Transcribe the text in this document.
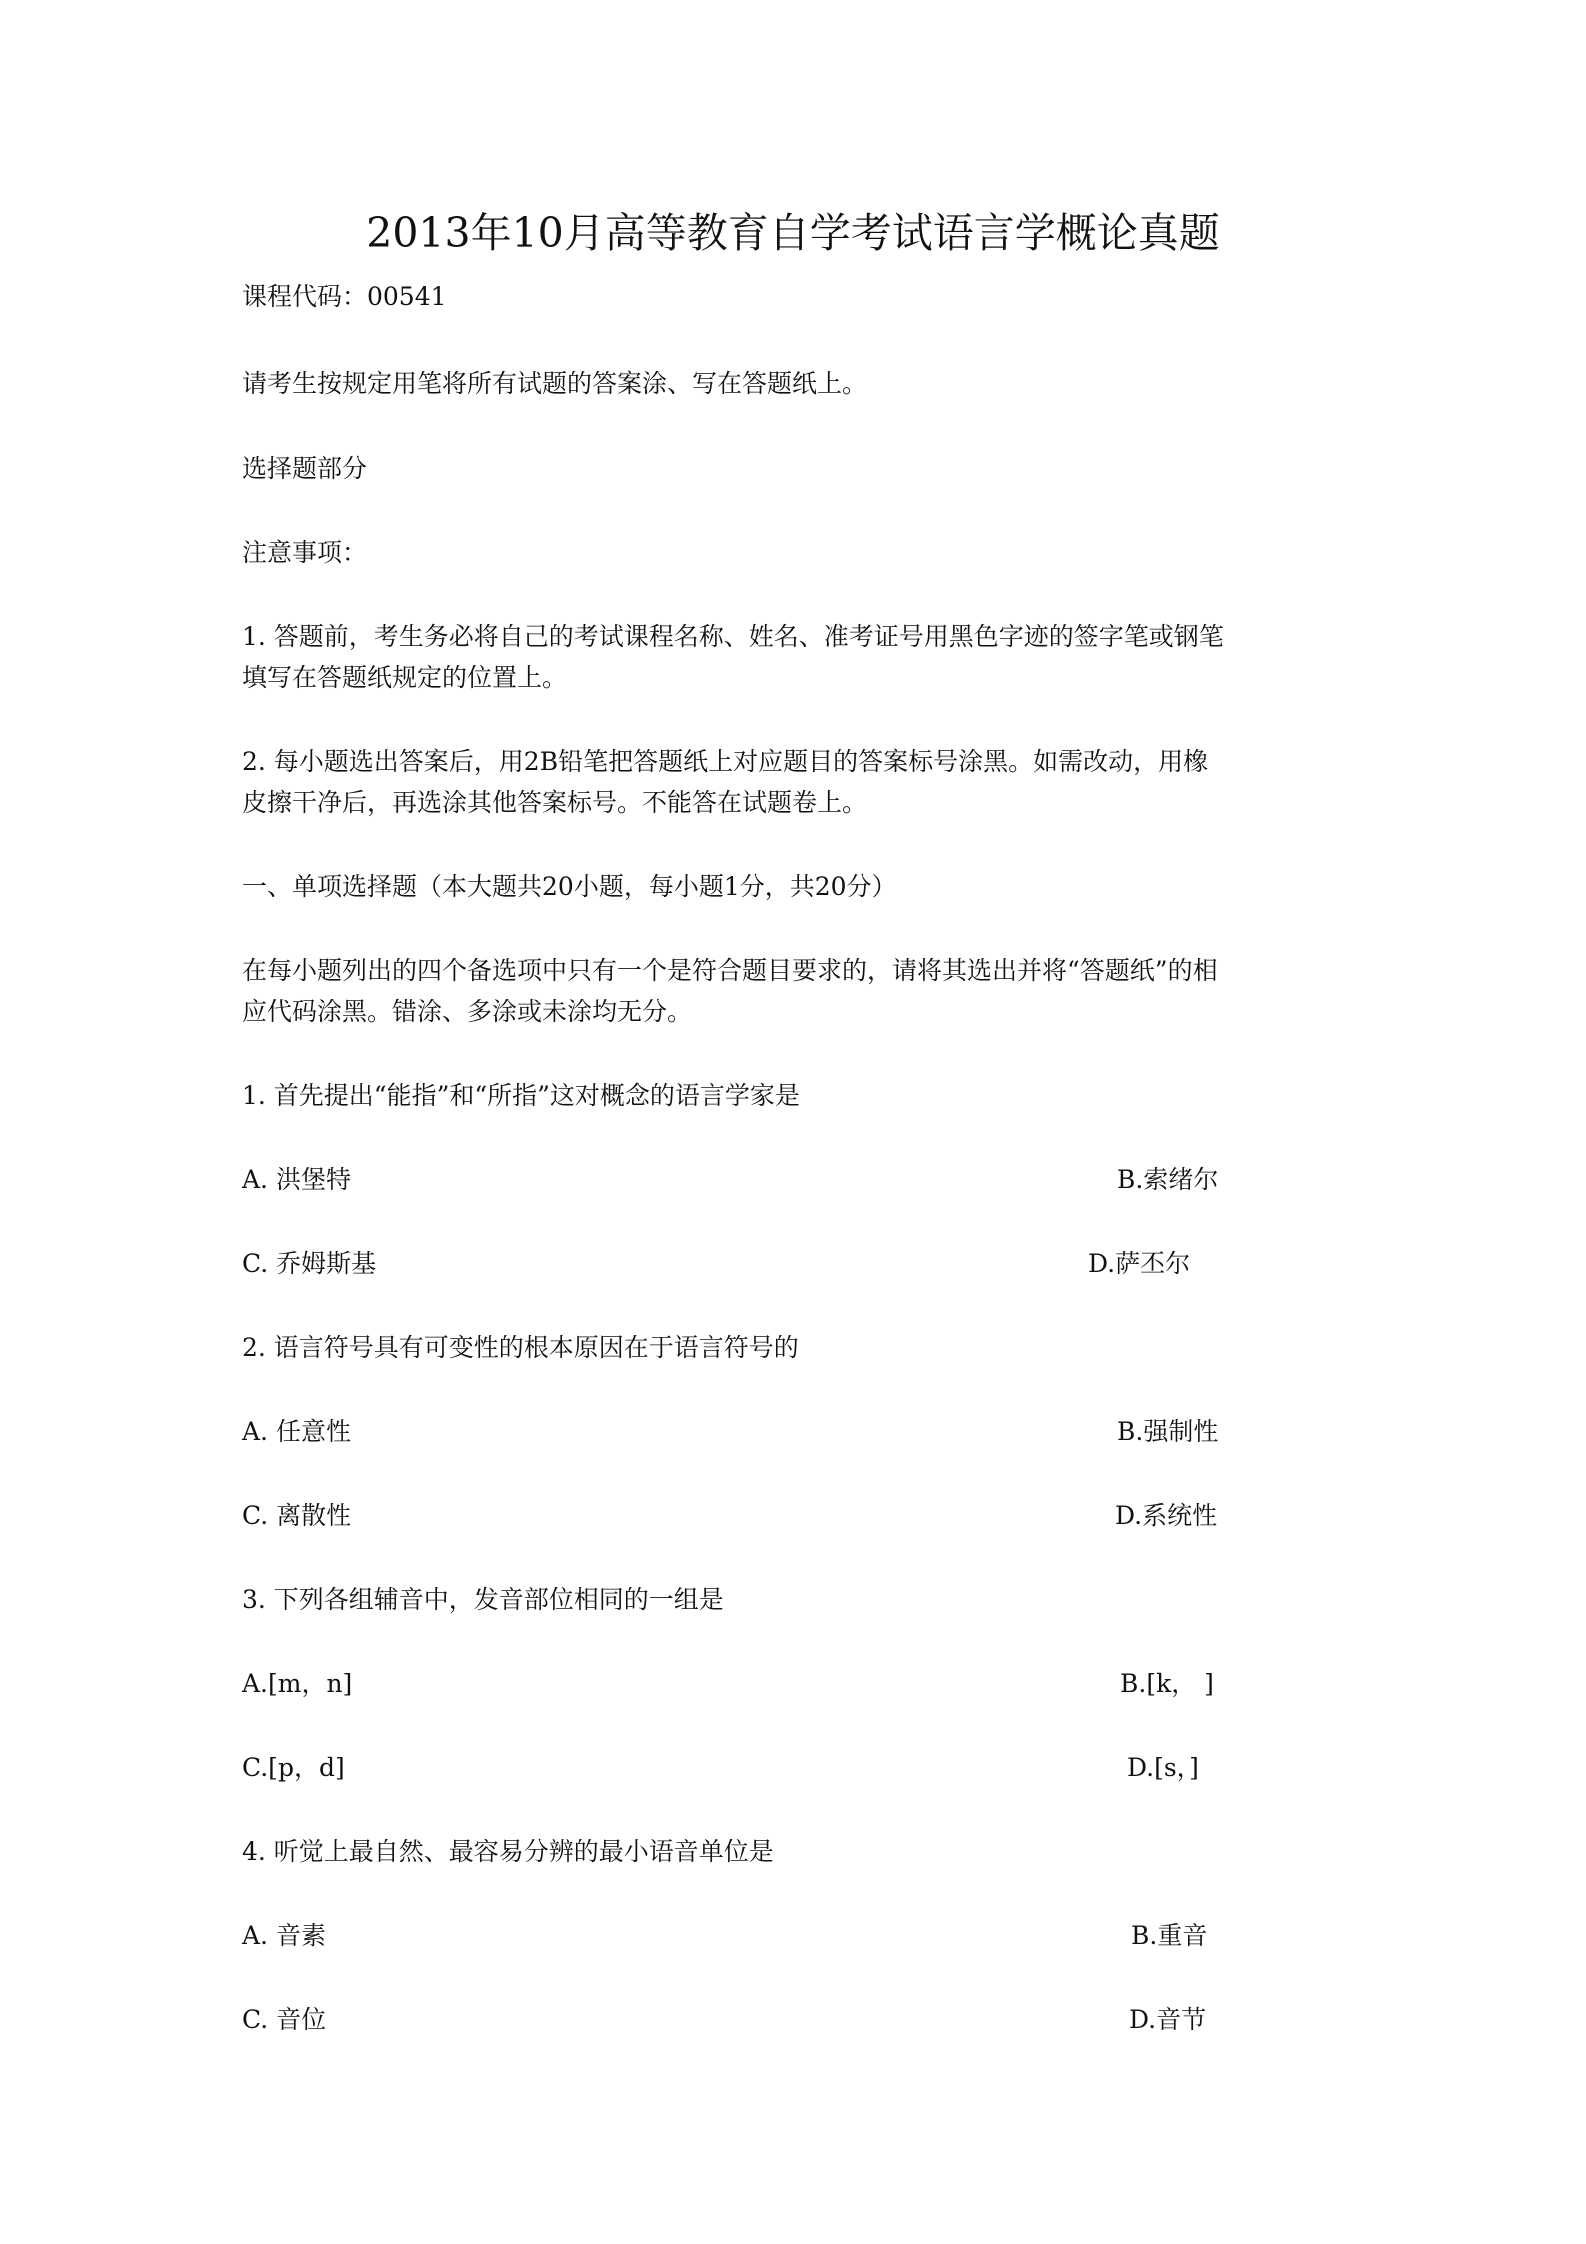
2013年10月高等教育自学考试语言学概论真题
课程代码：00541
请考生按规定用笔将所有试题的答案涂、写在答题纸上。
选择题部分
注意事项：
1. 答题前，考生务必将自己的考试课程名称、姓名、准考证号用黑色字迹的签字笔或钢笔
填写在答题纸规定的位置上。
2. 每小题选出答案后，用2B铅笔把答题纸上对应题目的答案标号涂黑。如需改动，用橡
皮擦干净后，再选涂其他答案标号。不能答在试题卷上。
一、单项选择题（本大题共20小题，每小题1分，共20分）
在每小题列出的四个备选项中只有一个是符合题目要求的，请将其选出并将“答题纸”的相
应代码涂黑。错涂、多涂或未涂均无分。
1. 首先提出“能指”和“所指”这对概念的语言学家是
A. 洪堡特	B.索绪尔
C. 乔姆斯基	D.萨丕尔
2. 语言符号具有可变性的根本原因在于语言符号的
A. 任意性	B.强制性
C. 离散性	D.系统性
3. 下列各组辅音中，发音部位相同的一组是
A.[m，n]	B.[k， ]
C.[p，d]	D.[s，]
4. 听觉上最自然、最容易分辨的最小语音单位是
A. 音素	B.重音
C. 音位	D.音节
